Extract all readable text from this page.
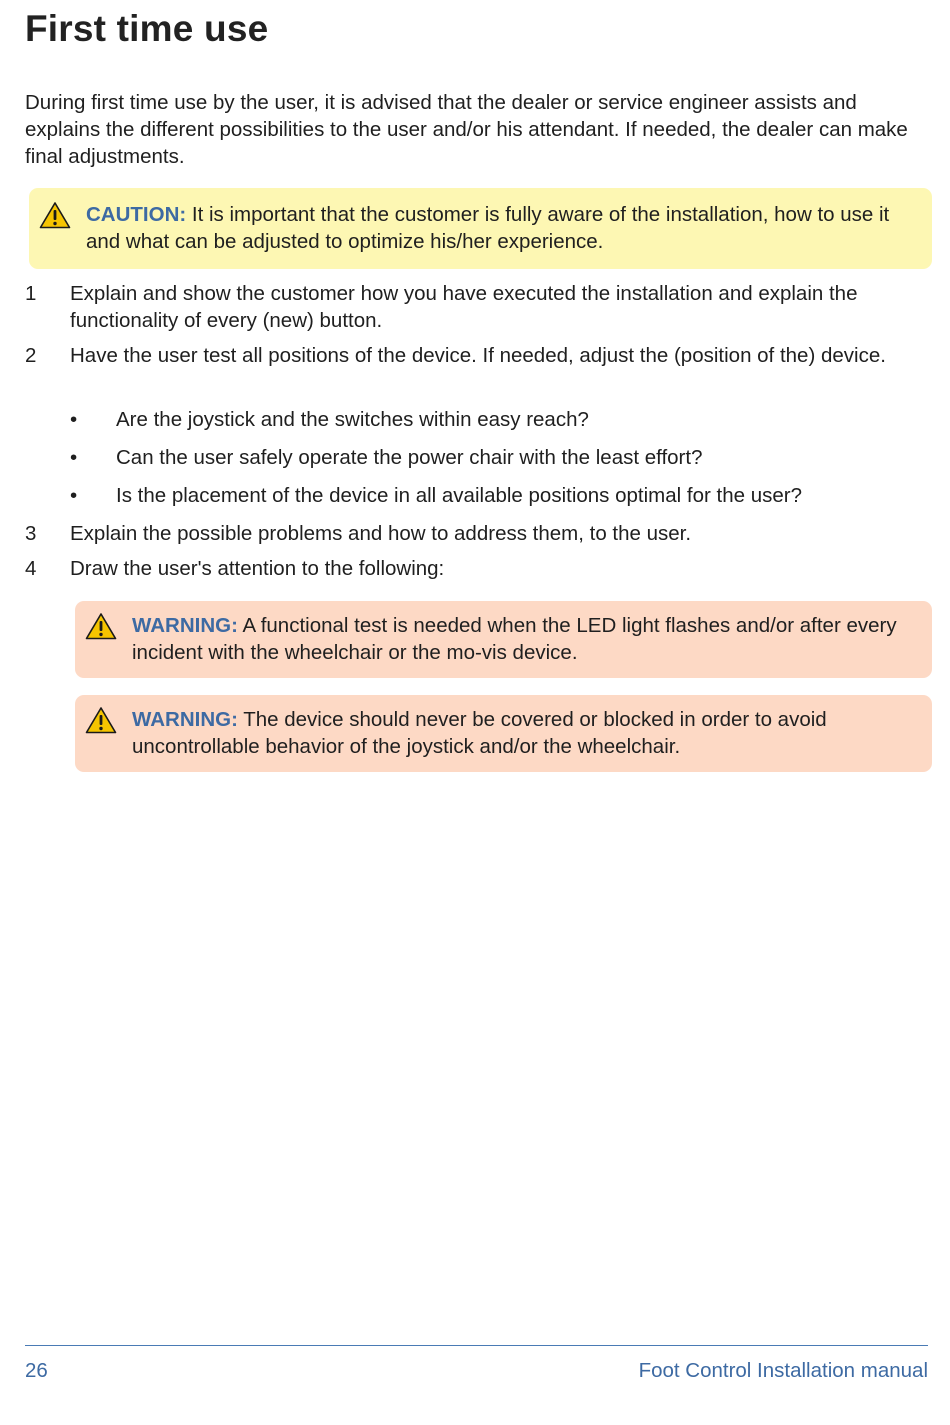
First time use

During first time use by the user, it is advised that the dealer or service engineer assists and explains the different possibilities to the user and/or his attendant. If needed, the dealer can make final adjustments.

CAUTION: It is important that the customer is fully aware of the installation, how to use it and what can be adjusted to optimize his/her experience.

1 Explain and show the customer how you have executed the installation and explain the functionality of every (new) button.
2 Have the user test all positions of the device. If needed, adjust the (position of the) device.
• Are the joystick and the switches within easy reach?
• Can the user safely operate the power chair with the least effort?
• Is the placement of the device in all available positions optimal for the user?
3 Explain the possible problems and how to address them, to the user.
4 Draw the user's attention to the following:

WARNING: A functional test is needed when the LED light flashes and/or after every incident with the wheelchair or the mo-vis device.

WARNING: The device should never be covered or blocked in order to avoid uncontrollable behavior of the joystick and/or the wheelchair.

26	Foot Control Installation manual
